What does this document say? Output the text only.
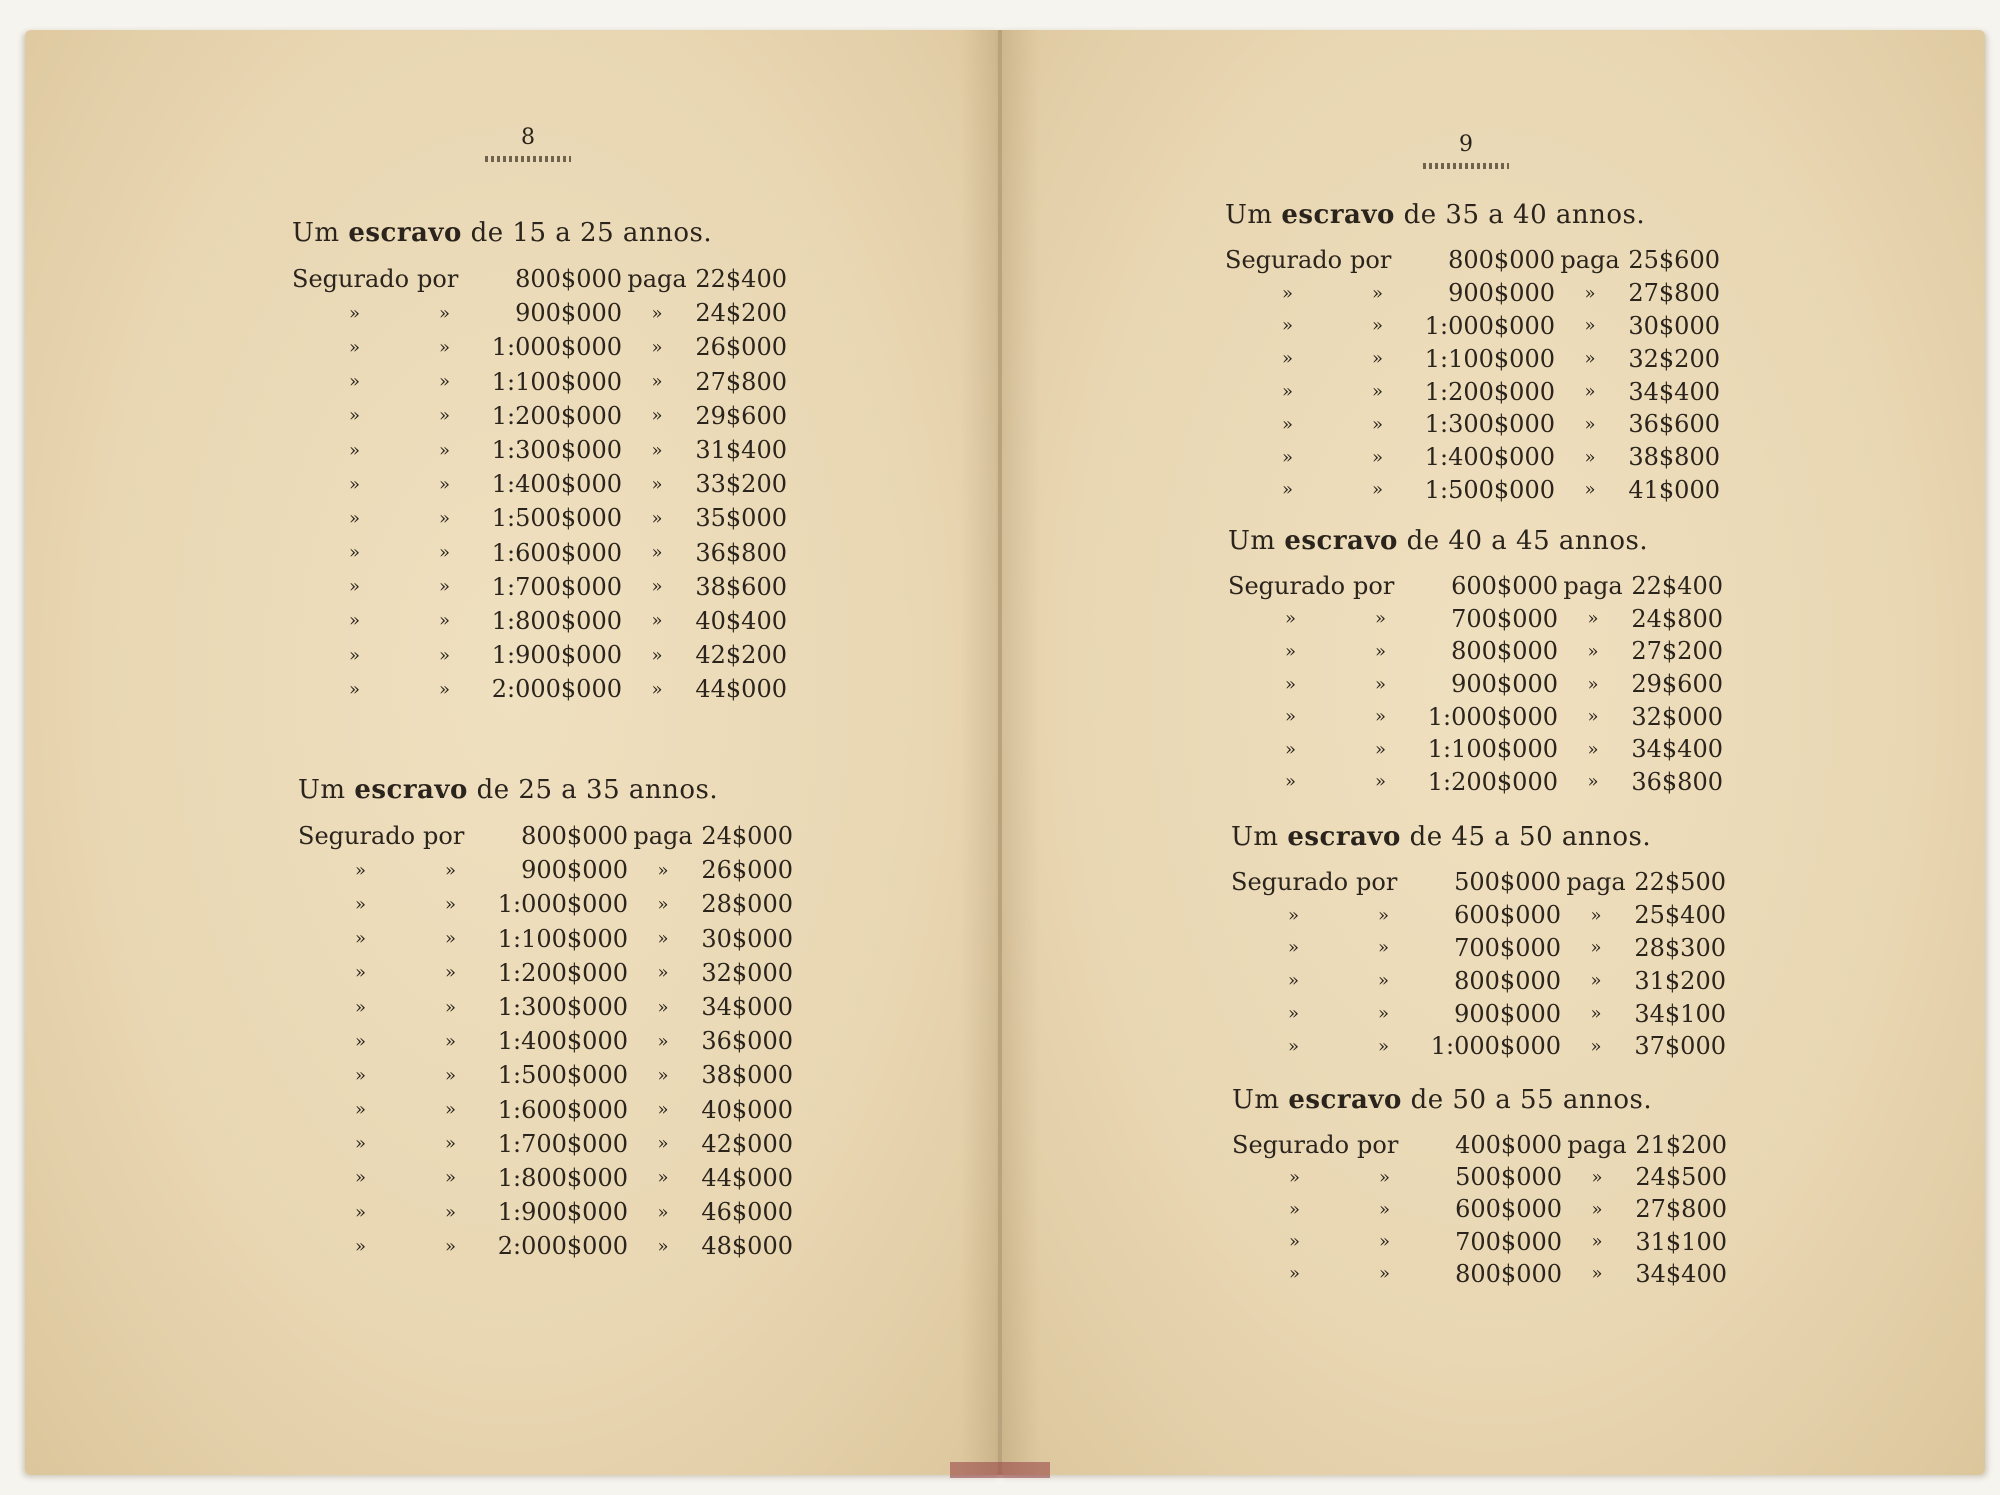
8	9
Um escravo de 15 a 25 annos.
Segurado	por	800$000	paga	22$400
»	»	900$000	»	24$200
»	»	1:000$000	»	26$000
»	»	1:100$000	»	27$800
»	»	1:200$000	»	29$600
»	»	1:300$000	»	31$400
»	»	1:400$000	»	33$200
»	»	1:500$000	»	35$000
»	»	1:600$000	»	36$800
»	»	1:700$000	»	38$600
»	»	1:800$000	»	40$400
»	»	1:900$000	»	42$200
»	»	2:000$000	»	44$000
Um escravo de 25 a 35 annos.
Segurado	por	800$000	paga	24$000
»	»	900$000	»	26$000
»	»	1:000$000	»	28$000
»	»	1:100$000	»	30$000
»	»	1:200$000	»	32$000
»	»	1:300$000	»	34$000
»	»	1:400$000	»	36$000
»	»	1:500$000	»	38$000
»	»	1:600$000	»	40$000
»	»	1:700$000	»	42$000
»	»	1:800$000	»	44$000
»	»	1:900$000	»	46$000
»	»	2:000$000	»	48$000
Um escravo de 35 a 40 annos.
Segurado	por	800$000	paga	25$600
»	»	900$000	»	27$800
»	»	1:000$000	»	30$000
»	»	1:100$000	»	32$200
»	»	1:200$000	»	34$400
»	»	1:300$000	»	36$600
»	»	1:400$000	»	38$800
»	»	1:500$000	»	41$000
Um escravo de 40 a 45 annos.
Segurado	por	600$000	paga	22$400
»	»	700$000	»	24$800
»	»	800$000	»	27$200
»	»	900$000	»	29$600
»	»	1:000$000	»	32$000
»	»	1:100$000	»	34$400
»	»	1:200$000	»	36$800
Um escravo de 45 a 50 annos.
Segurado	por	500$000	paga	22$500
»	»	600$000	»	25$400
»	»	700$000	»	28$300
»	»	800$000	»	31$200
»	»	900$000	»	34$100
»	»	1:000$000	»	37$000
Um escravo de 50 a 55 annos.
Segurado	por	400$000	paga	21$200
»	»	500$000	»	24$500
»	»	600$000	»	27$800
»	»	700$000	»	31$100
»	»	800$000	»	34$400
